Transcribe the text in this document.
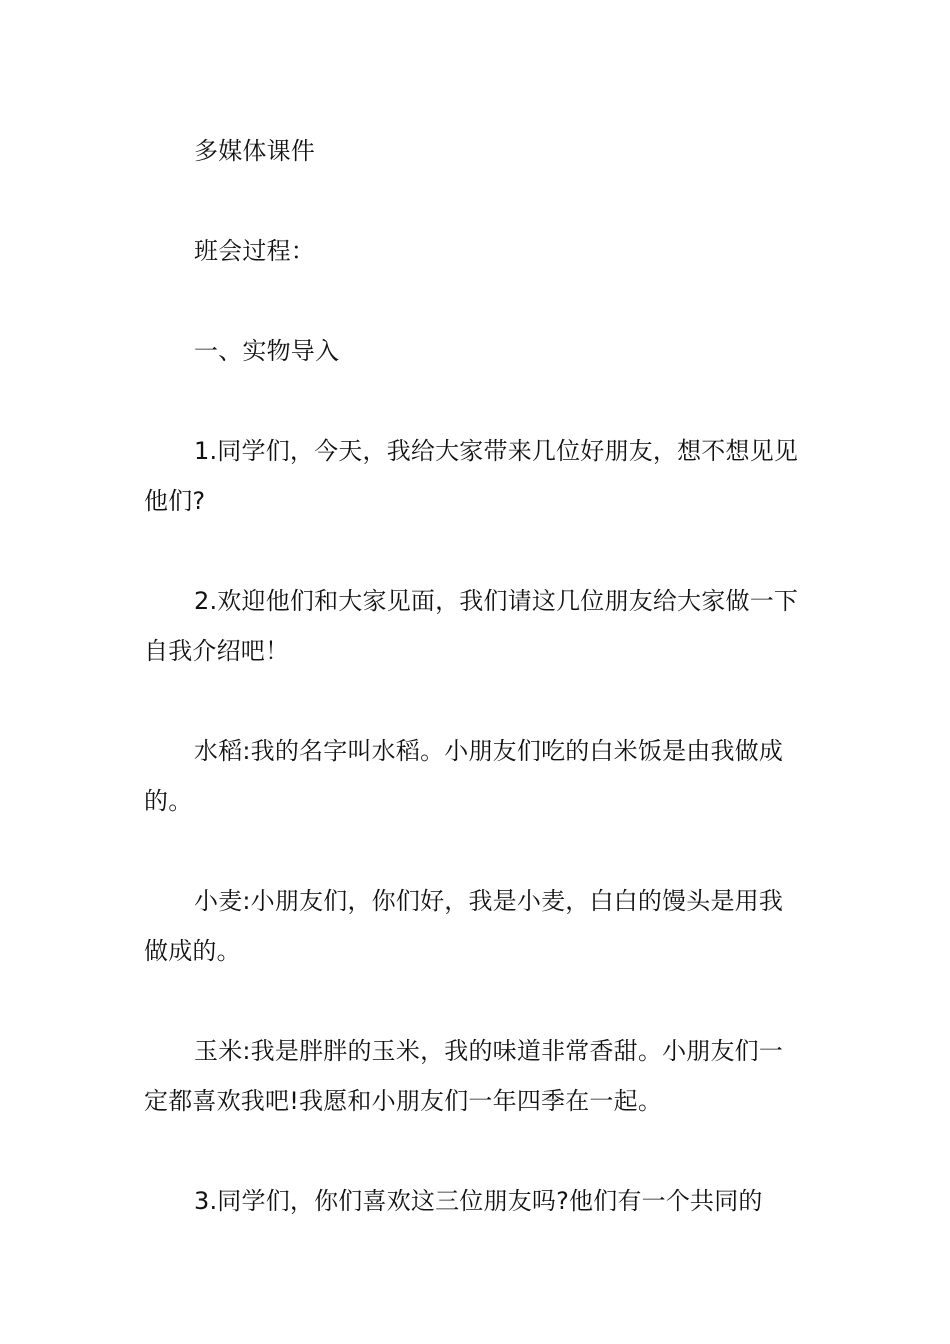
多媒体课件

班会过程：

一、实物导入

1.同学们，今天，我给大家带来几位好朋友，想不想见见他们?

2.欢迎他们和大家见面，我们请这几位朋友给大家做一下自我介绍吧！

水稻:我的名字叫水稻。小朋友们吃的白米饭是由我做成的。

小麦:小朋友们，你们好，我是小麦，白白的馒头是用我做成的。

玉米:我是胖胖的玉米，我的味道非常香甜。小朋友们一定都喜欢我吧!我愿和小朋友们一年四季在一起。

3.同学们，你们喜欢这三位朋友吗?他们有一个共同的
